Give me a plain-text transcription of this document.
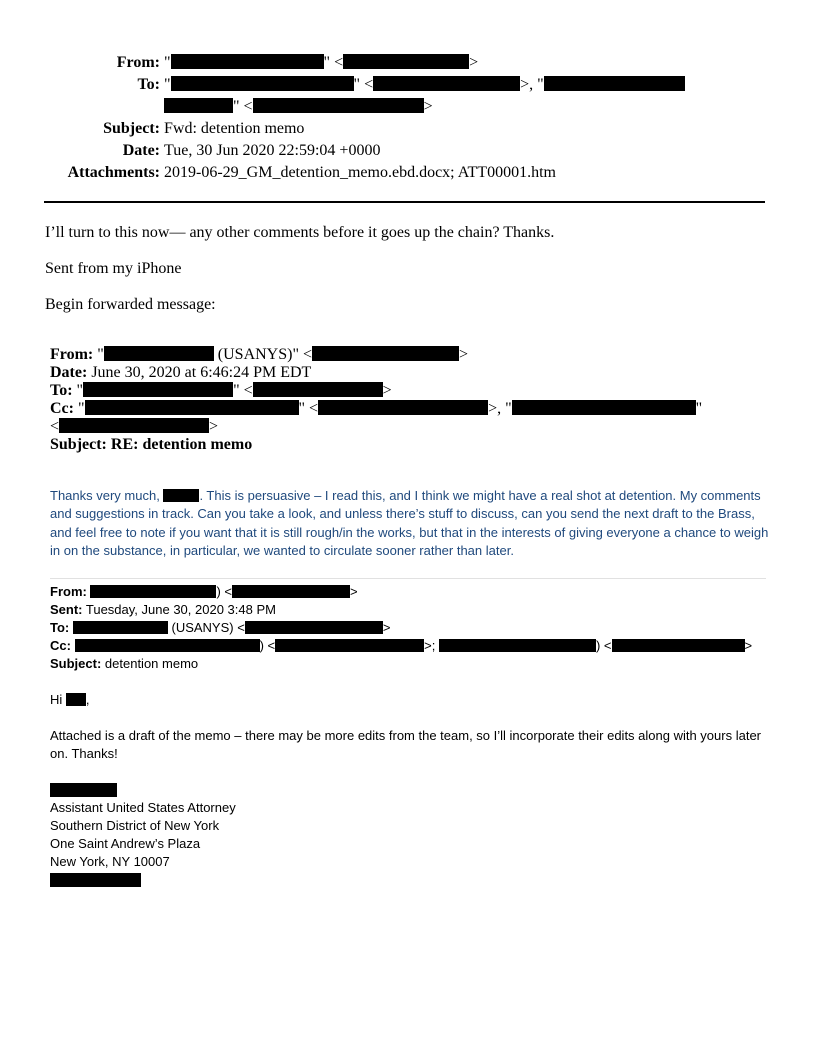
From: "	" <	>
To: "	" <	>, "
" <	>
Subject: Fwd: detention memo
Date: Tue, 30 Jun 2020 22:59:04 +0000
Attachments: 2019-06-29_GM_detention_memo.ebd.docx; ATT00001.htm
I’ll turn to this now— any other comments before it goes up the chain? Thanks.
Sent from my iPhone
Begin forwarded message:
From: "	(USANYS)" <	>
Date: June 30, 2020 at 6:46:24 PM EDT
To: "	" <	>
Cc: "	" <	>, "	"
<	>
Subject: RE: detention memo
Thanks very much,	. This is persuasive – I read this, and I think we might have a real shot at detention. My comments and suggestions in track. Can you take a look, and unless there’s stuff to discuss, can you send the next draft to the Brass, and feel free to note if you want that it is still rough/in the works, but that in the interests of giving everyone a chance to weigh in on the substance, in particular, we wanted to circulate sooner rather than later.
From:	) <	>
Sent: Tuesday, June 30, 2020 3:48 PM
To:	(USANYS) <	>
Cc:	) <	>;	) <	>
Subject: detention memo
Hi ,
Attached is a draft of the memo – there may be more edits from the team, so I’ll incorporate their edits along with yours later on. Thanks!
Assistant United States Attorney
Southern District of New York
One Saint Andrew’s Plaza
New York, NY 10007
